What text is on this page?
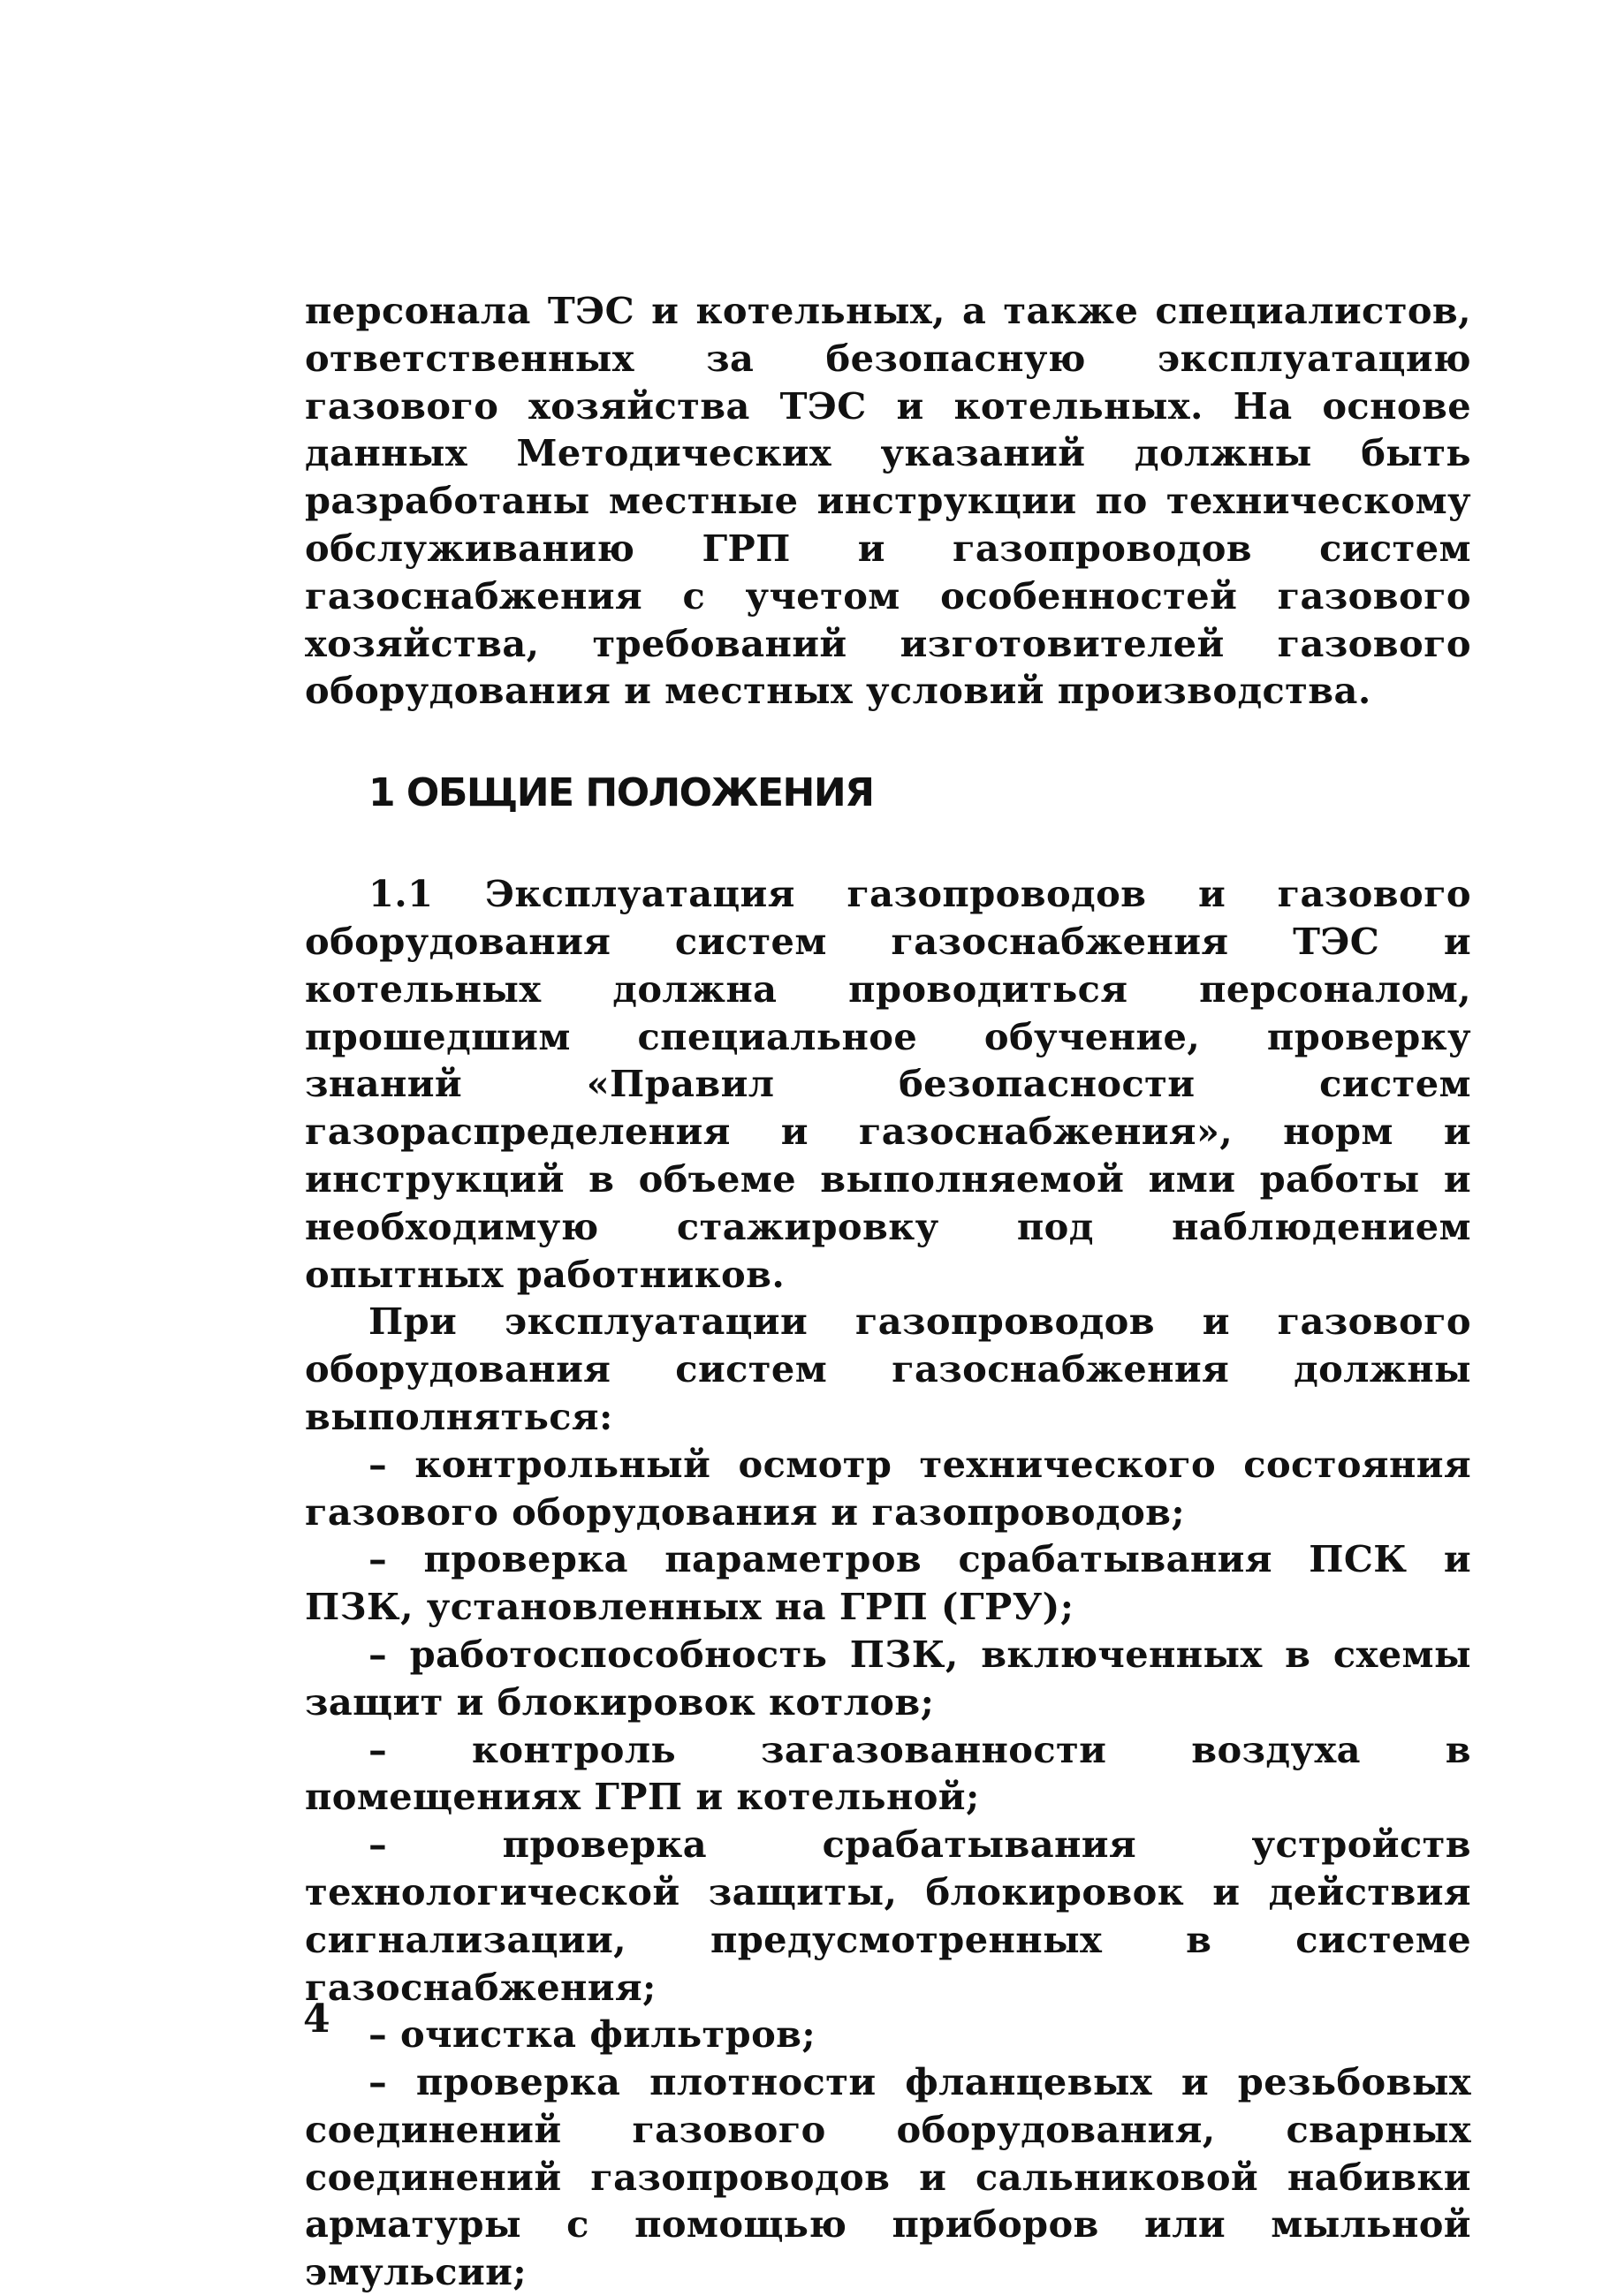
персонала ТЭС и котельных, а также специалистов, ответственных за безопасную эксплуатацию газового хозяйства ТЭС и котельных. На основе данных Методических указаний должны быть разработаны местные инструкции по техническому обслуживанию ГРП и газопроводов систем газоснабжения с учетом особенностей газового хозяйства, требований изготовителей газового оборудования и местных условий производства.

1 ОБЩИЕ ПОЛОЖЕНИЯ

1.1 Эксплуатация газопроводов и газового оборудования систем газоснабжения ТЭС и котельных должна проводиться персоналом, прошедшим специальное обучение, проверку знаний «Правил безопасности систем газораспределения и газоснабжения», норм и инструкций в объеме выполняемой ими работы и необходимую стажировку под наблюдением опытных работников.

При эксплуатации газопроводов и газового оборудования систем газоснабжения должны выполняться:

– контрольный осмотр технического состояния газового оборудования и газопроводов;
– проверка параметров срабатывания ПСК и ПЗК, установленных на ГРП (ГРУ);
– работоспособность ПЗК, включенных в схемы защит и блокировок котлов;
– контроль загазованности воздуха в помещениях ГРП и котельной;
– проверка срабатывания устройств технологической защиты, блокировок и действия сигнализации, предусмотренных в системе газоснабжения;
– очистка фильтров;
– проверка плотности фланцевых и резьбовых соединений газового оборудования, сварных соединений газопроводов и сальниковой набивки арматуры с помощью приборов или мыльной эмульсии;
4
